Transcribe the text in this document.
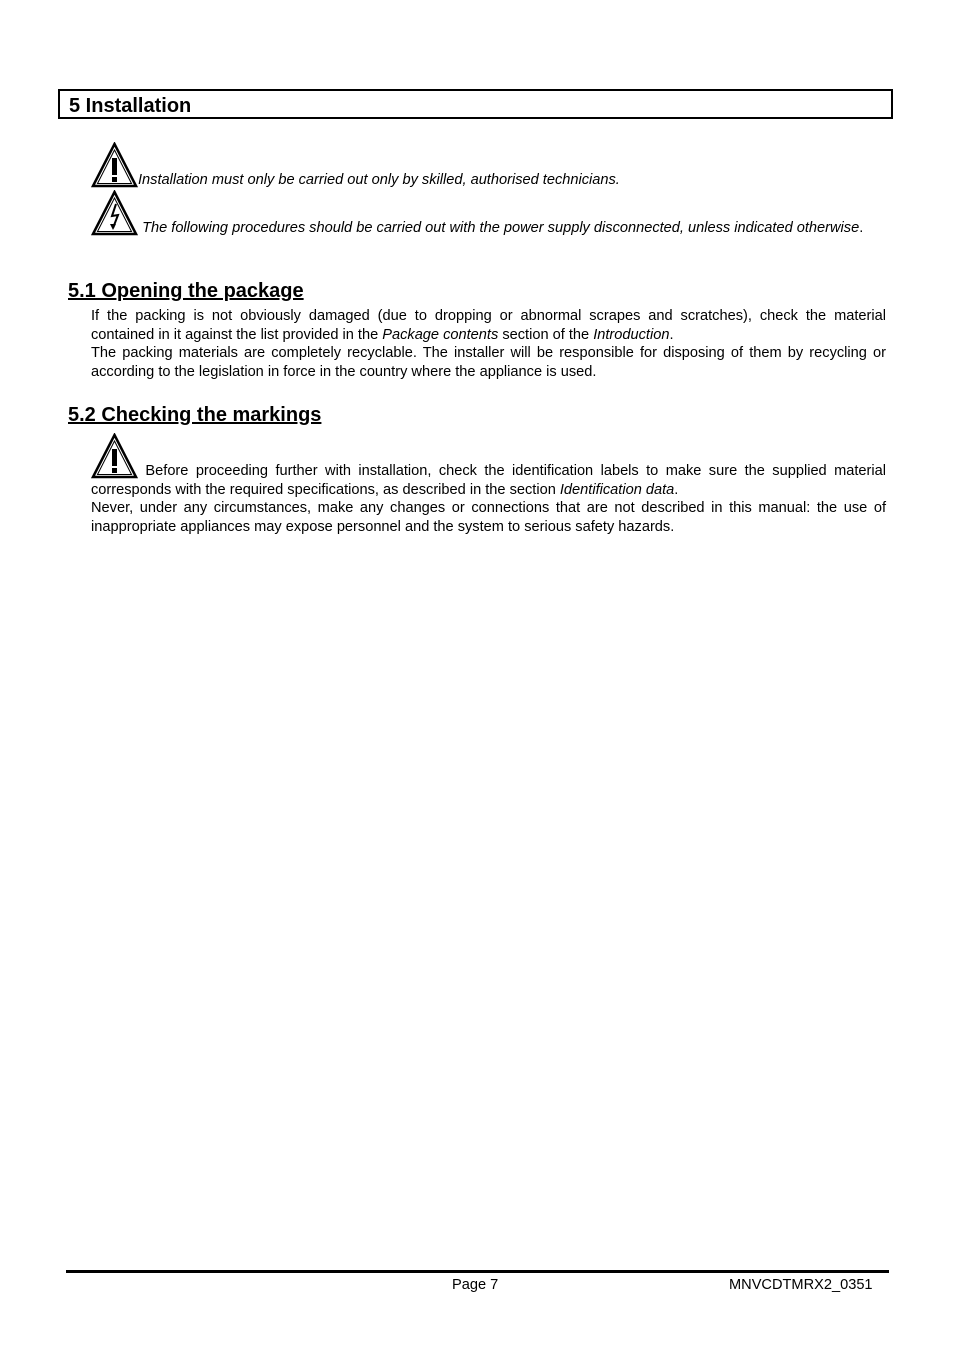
5 Installation
Installation must only be carried out only by skilled, authorised technicians.
The following procedures should be carried out with the power supply disconnected, unless indicated otherwise.
5.1 Opening the package
If the packing is not obviously damaged (due to dropping or abnormal scrapes and scratches), check the material contained in it against the list provided in the Package contents section of the Introduction.
The packing materials are completely recyclable. The installer will be responsible for disposing of them by recycling or according to the legislation in force in the country where the appliance is used.
5.2 Checking the markings
Before proceeding further with installation, check the identification labels to make sure the supplied material corresponds with the required specifications, as described in the section Identification data.
Never, under any circumstances, make any changes or connections that are not described in this manual: the use of inappropriate appliances may expose personnel and the system to serious safety hazards.
Page 7	MNVCDTMRX2_0351
